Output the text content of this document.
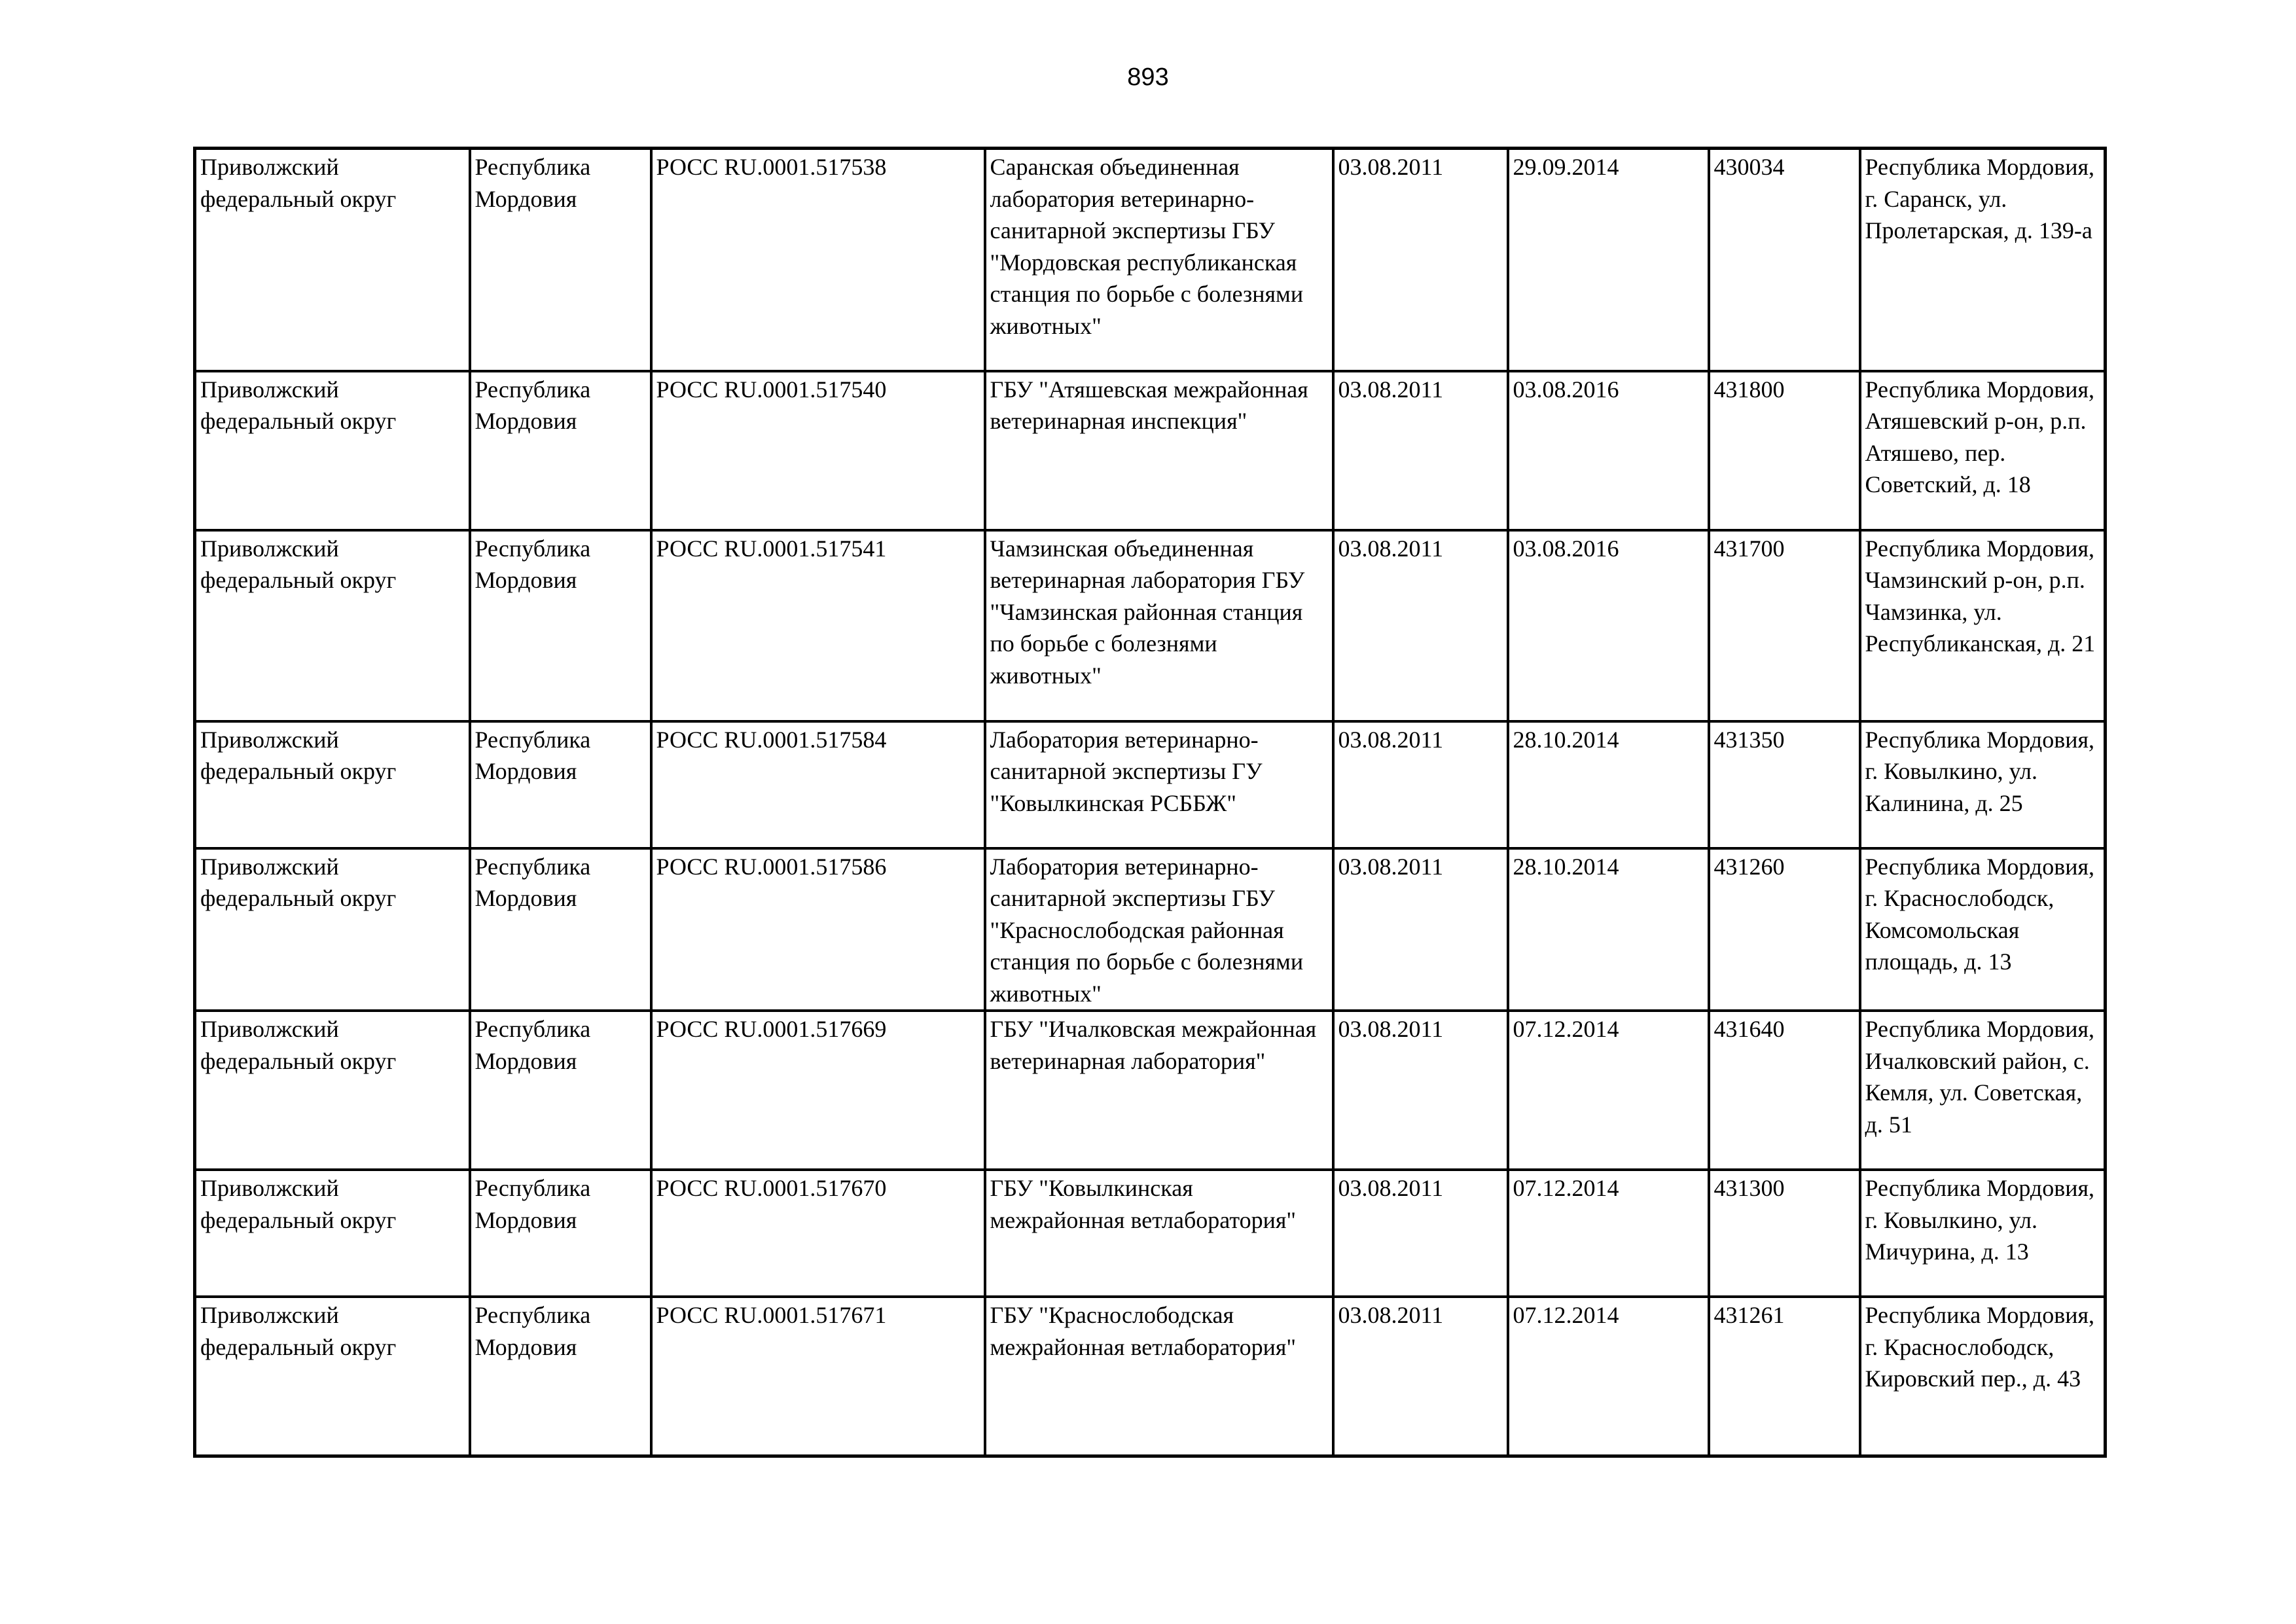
893
Приволжский федеральный округ	Республика Мордовия	РОСС RU.0001.517538	Саранская объединенная лаборатория ветеринарно-санитарной экспертизы ГБУ "Мордовская республиканская станция по борьбе с болезнями животных"	03.08.2011	29.09.2014	430034	Республика Мордовия, г. Саранск, ул. Пролетарская, д. 139-а
Приволжский федеральный округ	Республика Мордовия	РОСС RU.0001.517540	ГБУ "Атяшевская межрайонная ветеринарная инспекция"	03.08.2011	03.08.2016	431800	Республика Мордовия, Атяшевский р-он, р.п. Атяшево, пер. Советский, д. 18
Приволжский федеральный округ	Республика Мордовия	РОСС RU.0001.517541	Чамзинская объединенная ветеринарная лаборатория ГБУ "Чамзинская районная станция по борьбе с болезнями животных"	03.08.2011	03.08.2016	431700	Республика Мордовия, Чамзинский р-он, р.п. Чамзинка, ул. Республиканская, д. 21
Приволжский федеральный округ	Республика Мордовия	РОСС RU.0001.517584	Лаборатория ветеринарно-санитарной экспертизы ГУ "Ковылкинская РСББЖ"	03.08.2011	28.10.2014	431350	Республика Мордовия, г. Ковылкино, ул. Калинина, д. 25
Приволжский федеральный округ	Республика Мордовия	РОСС RU.0001.517586	Лаборатория ветеринарно-санитарной экспертизы ГБУ "Краснослободская районная станция по борьбе с болезнями животных"	03.08.2011	28.10.2014	431260	Республика Мордовия, г. Краснослободск, Комсомольская площадь, д. 13
Приволжский федеральный округ	Республика Мордовия	РОСС RU.0001.517669	ГБУ "Ичалковская межрайонная ветеринарная лаборатория"	03.08.2011	07.12.2014	431640	Республика Мордовия, Ичалковский район, с. Кемля, ул. Советская, д. 51
Приволжский федеральный округ	Республика Мордовия	РОСС RU.0001.517670	ГБУ "Ковылкинская межрайонная ветлаборатория"	03.08.2011	07.12.2014	431300	Республика Мордовия, г. Ковылкино, ул. Мичурина, д. 13
Приволжский федеральный округ	Республика Мордовия	РОСС RU.0001.517671	ГБУ "Краснослободская межрайонная ветлаборатория"	03.08.2011	07.12.2014	431261	Республика Мордовия, г. Краснослободск, Кировский пер., д. 43
